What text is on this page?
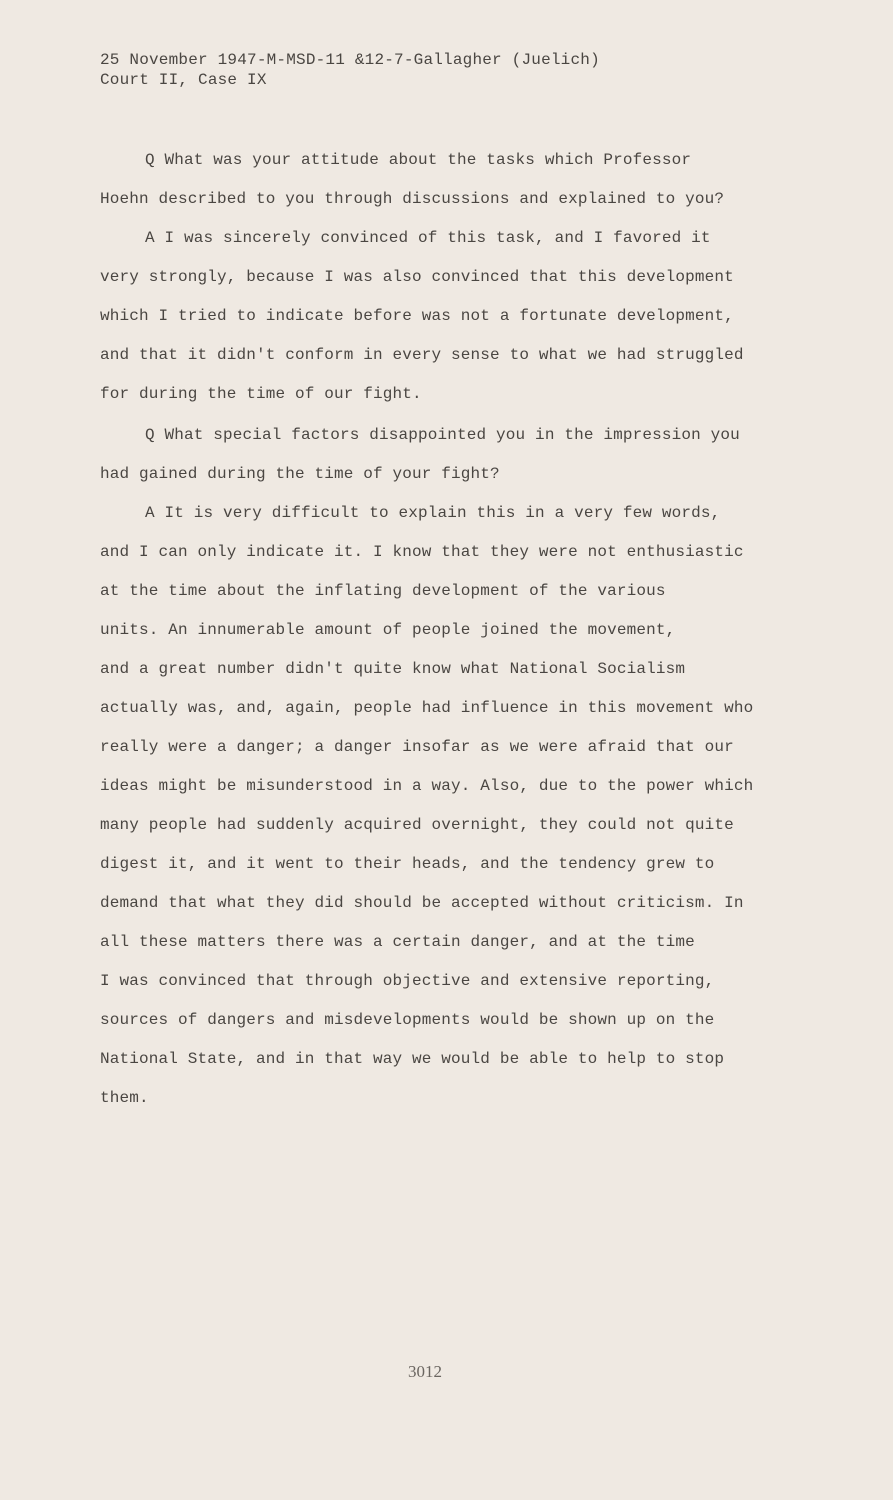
25 November 1947-M-MSD-11 &12-7-Gallagher (Juelich)
Court II, Case IX
Q What was your attitude about the tasks which Professor
Hoehn described to you through discussions and explained to you?
A I was sincerely convinced of this task, and I favored it
very strongly, because I was also convinced that this development
which I tried to indicate before was not a fortunate development,
and that it didn't conform in every sense to what we had struggled
for during the time of our fight.
Q What special factors disappointed you in the impression you
had gained during the time of your fight?
A It is very difficult to explain this in a very few words,
and I can only indicate it. I know that they were not enthusiastic
at the time about the inflating development of the various
units. An innumerable amount of people joined the movement,
and a great number didn't quite know what National Socialism
actually was, and, again, people had influence in this movement who
really were a danger; a danger insofar as we were afraid that our
ideas might be misunderstood in a way. Also, due to the power which
many people had suddenly acquired overnight, they could not quite
digest it, and it went to their heads, and the tendency grew to
demand that what they did should be accepted without criticism. In
all these matters there was a certain danger, and at the time
I was convinced that through objective and extensive reporting,
sources of dangers and misdevelopments would be shown up on the
National State, and in that way we would be able to help to stop
them.
3012
